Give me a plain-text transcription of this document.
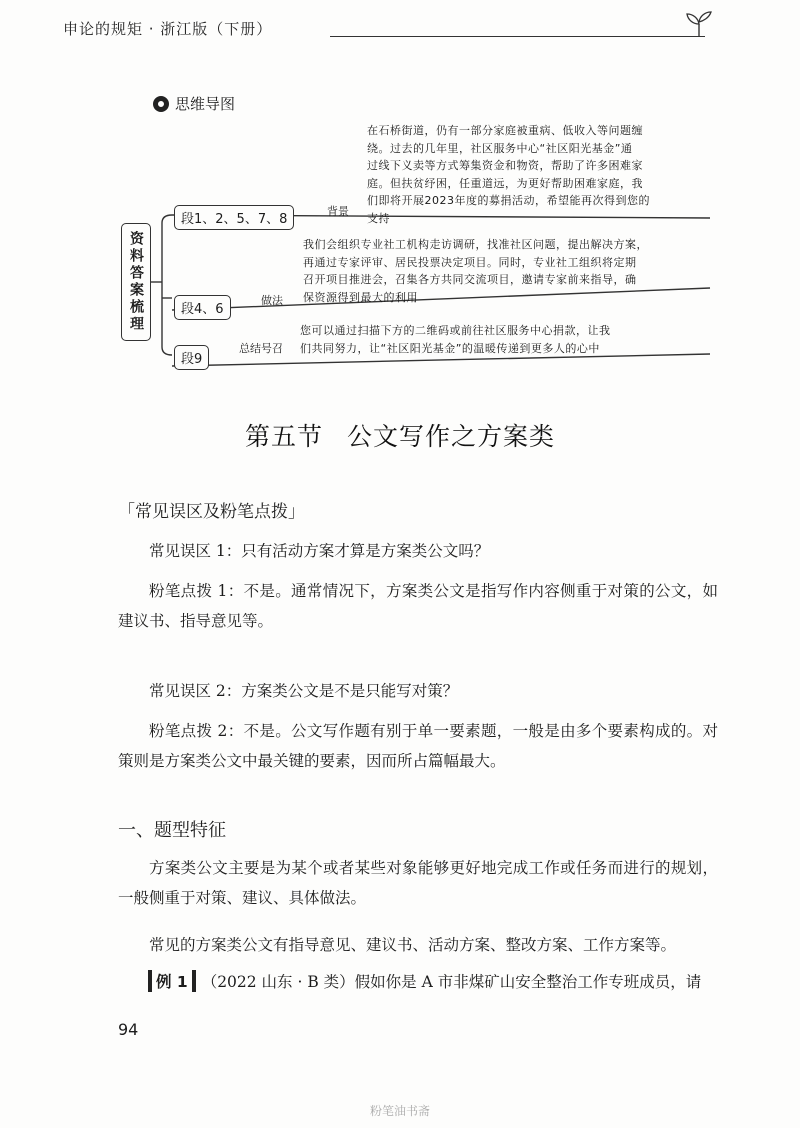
申论的规矩 · 浙江版（下册）
思维导图
资料答案梳理
段1、2、5、7、8
背景
在石桥街道，仍有一部分家庭被重病、低收入等问题缠
绕。过去的几年里，社区服务中心“社区阳光基金”通
过线下义卖等方式筹集资金和物资，帮助了许多困难家
庭。但扶贫纾困，任重道远，为更好帮助困难家庭，我
们即将开展2023年度的募捐活动，希望能再次得到您的
支持
段4、6
做法
我们会组织专业社工机构走访调研，找准社区问题，提出解决方案，
再通过专家评审、居民投票决定项目。同时，专业社工组织将定期
召开项目推进会，召集各方共同交流项目，邀请专家前来指导，确
保资源得到最大的利用
段9
总结号召
您可以通过扫描下方的二维码或前往社区服务中心捐款，让我
们共同努力，让“社区阳光基金”的温暖传递到更多人的心中
第五节 公文写作之方案类
「常见误区及粉笔点拨」
常见误区 1：只有活动方案才算是方案类公文吗？
粉笔点拨 1：不是。通常情况下，方案类公文是指写作内容侧重于对策的公文，如建议书、指导意见等。
常见误区 2：方案类公文是不是只能写对策？
粉笔点拨 2：不是。公文写作题有别于单一要素题，一般是由多个要素构成的。对策则是方案类公文中最关键的要素，因而所占篇幅最大。
一、题型特征
方案类公文主要是为某个或者某些对象能够更好地完成工作或任务而进行的规划，一般侧重于对策、建议、具体做法。
常见的方案类公文有指导意见、建议书、活动方案、整改方案、工作方案等。
例 1 （2022 山东 · B 类）假如你是 A 市非煤矿山安全整治工作专班成员，请
94
粉笔油书斋
